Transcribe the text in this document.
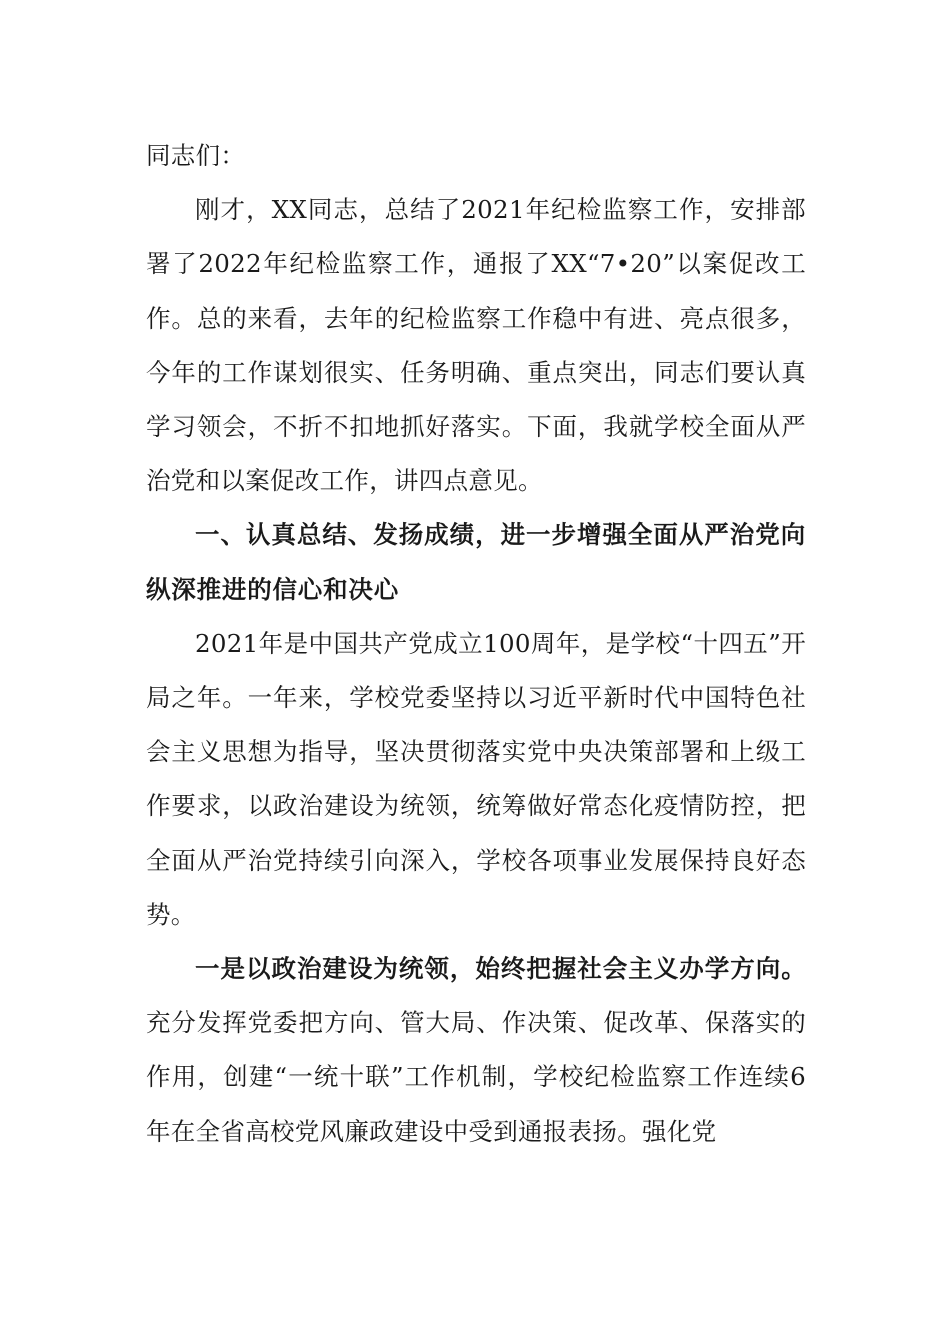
同志们：

刚才，XX同志，总结了2021年纪检监察工作，安排部署了2022年纪检监察工作，通报了XX“7•20”以案促改工作。总的来看，去年的纪检监察工作稳中有进、亮点很多，今年的工作谋划很实、任务明确、重点突出，同志们要认真学习领会，不折不扣地抓好落实。下面，我就学校全面从严治党和以案促改工作，讲四点意见。

一、认真总结、发扬成绩，进一步增强全面从严治党向纵深推进的信心和决心

2021年是中国共产党成立100周年，是学校“十四五”开局之年。一年来，学校党委坚持以习近平新时代中国特色社会主义思想为指导，坚决贯彻落实党中央决策部署和上级工作要求，以政治建设为统领，统筹做好常态化疫情防控，把全面从严治党持续引向深入，学校各项事业发展保持良好态势。

一是以政治建设为统领，始终把握社会主义办学方向。充分发挥党委把方向、管大局、作决策、促改革、保落实的作用，创建“一统十联”工作机制，学校纪检监察工作连续6年在全省高校党风廉政建设中受到通报表扬。强化党
